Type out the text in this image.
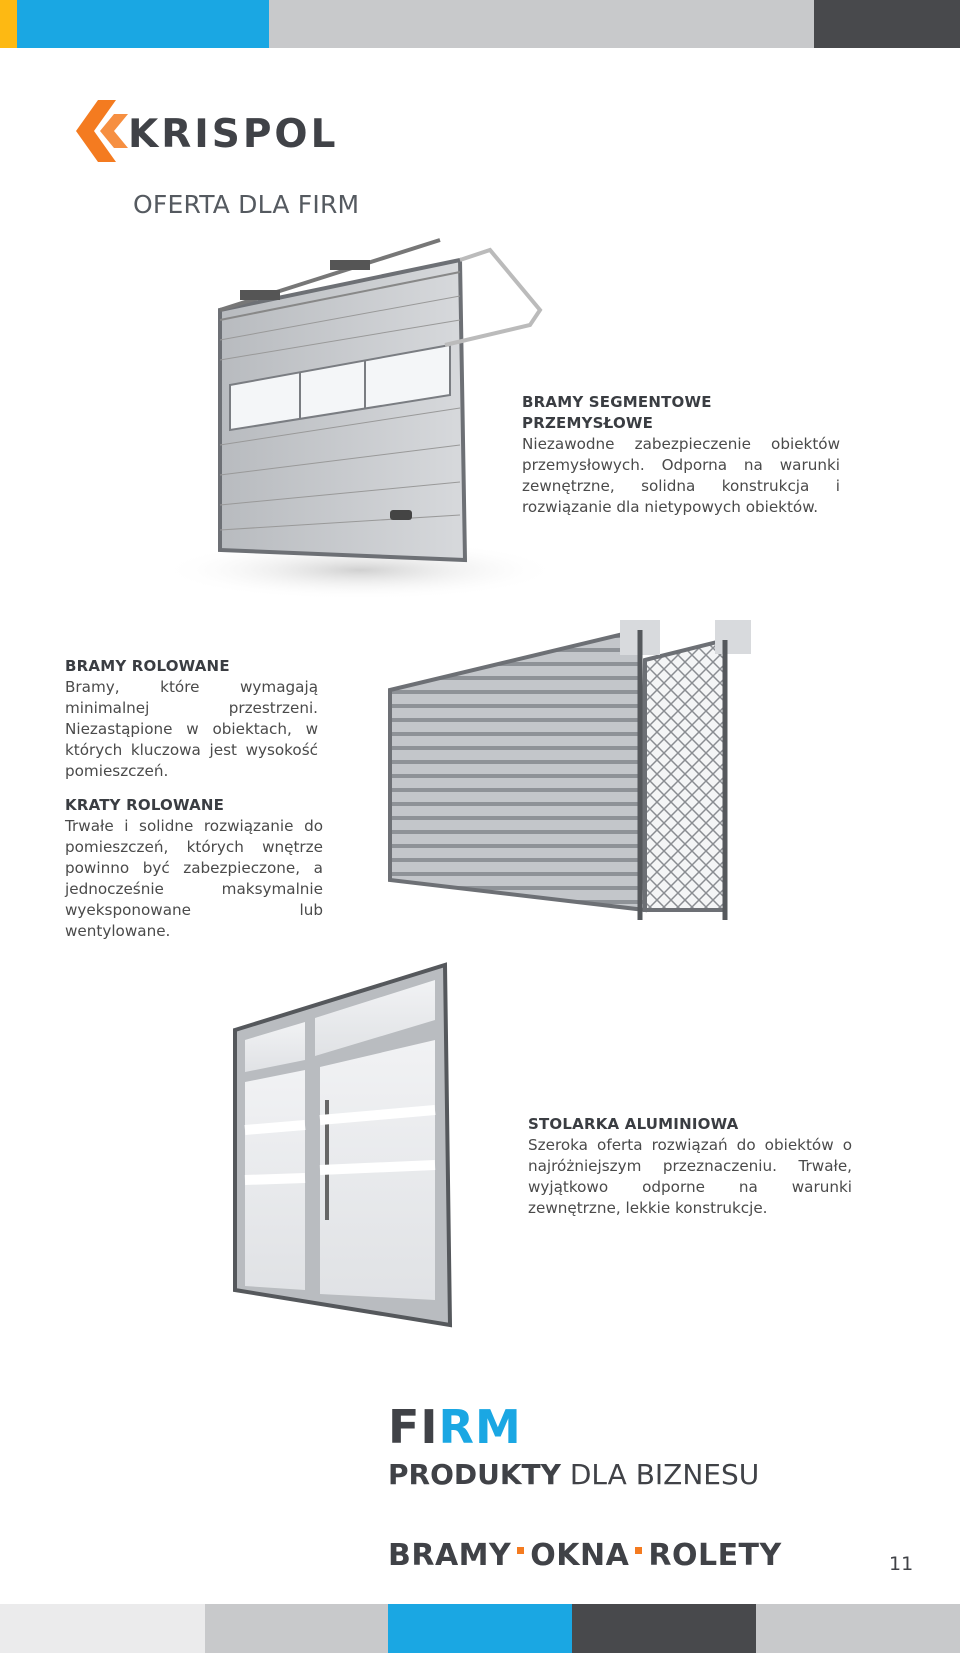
KRISPOL
OFERTA DLA FIRM
BRAMY SEGMENTOWE PRZEMYSŁOWE

Niezawodne zabezpieczenie obiektów przemysłowych. Odporna na warunki zewnętrzne, solidna konstrukcja i rozwiązanie dla nietypowych obiektów.

BRAMY ROLOWANE

Bramy, które wymagają minimalnej przestrzeni. Niezastąpione w obiektach, w których kluczowa jest wysokość pomieszczeń.

KRATY ROLOWANE

Trwałe i solidne rozwiązanie do pomieszczeń, których wnętrze powinno być zabezpieczone, a jednocześnie maksymalnie wyeksponowane lub wentylowane.

STOLARKA ALUMINIOWA

Szeroka oferta rozwiązań do obiektów o najróżniejszym przeznaczeniu. Trwałe, wyjątkowo odporne na warunki zewnętrzne, lekkie konstrukcje.

FIRM
PRODUKTY DLA BIZNESU
BRAMY OKNA ROLETY	11
